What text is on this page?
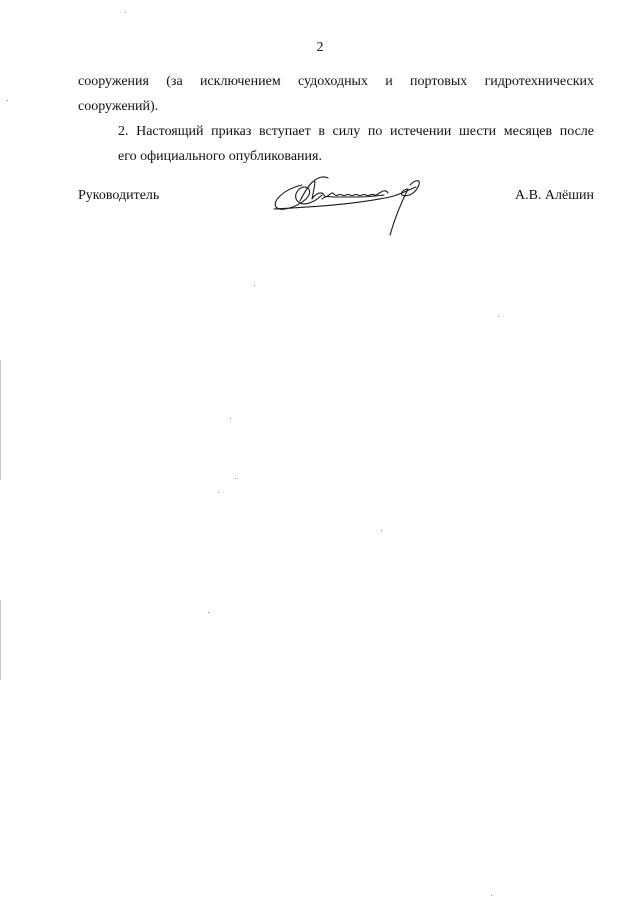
2

сооружения (за исключением судоходных и портовых гидротехнических
сооружений).

2. Настоящий приказ вступает в силу по истечении шести месяцев после
его официального опубликования.

Руководитель	А.В. Алёшин
